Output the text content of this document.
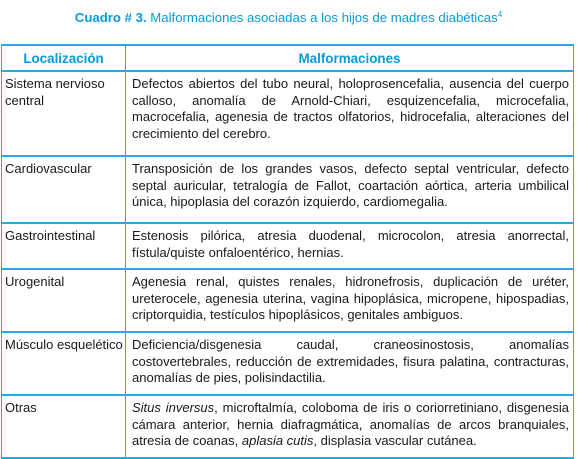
Cuadro # 3. Malformaciones asociadas a los hijos de madres diabéticas$^4$
Localización	Malformaciones
Sistema nervioso central	Defectos abiertos del tubo neural, holoprosencefalia, ausencia del cuerpo calloso, anomalía de Arnold-Chiari, esquizencefalia, microcefalia, macrocefalia, agenesia de tractos olfatorios, hidrocefalia, alteraciones del crecimiento del cerebro.
Cardiovascular	Transposición de los grandes vasos, defecto septal ventricular, defecto septal auricular, tetralogía de Fallot, coartación aórtica, arteria umbilical única, hipoplasia del corazón izquierdo, cardiomegalia.
Gastrointestinal	Estenosis pilórica, atresia duodenal, microcolon, atresia anorrectal, fístula/quiste onfaloentérico, hernias.
Urogenital	Agenesia renal, quistes renales, hidronefrosis, duplicación de uréter, ureterocele, agenesia uterina, vagina hipoplásica, micropene, hipospadias, criptorquidia, testículos hipoplásicos, genitales ambiguos.
Músculo esquelético	Deficiencia/disgenesia caudal, craneosinostosis, anomalías costovertebrales, reducción de extremidades, fisura palatina, contracturas, anomalías de pies, polisindactilia.
Otras	Situs inversus, microftalmía, coloboma de iris o coriorretiniano, disgenesia cámara anterior, hernia diafragmática, anomalías de arcos branquiales, atresia de coanas, aplasia cutis, displasia vascular cutánea.
